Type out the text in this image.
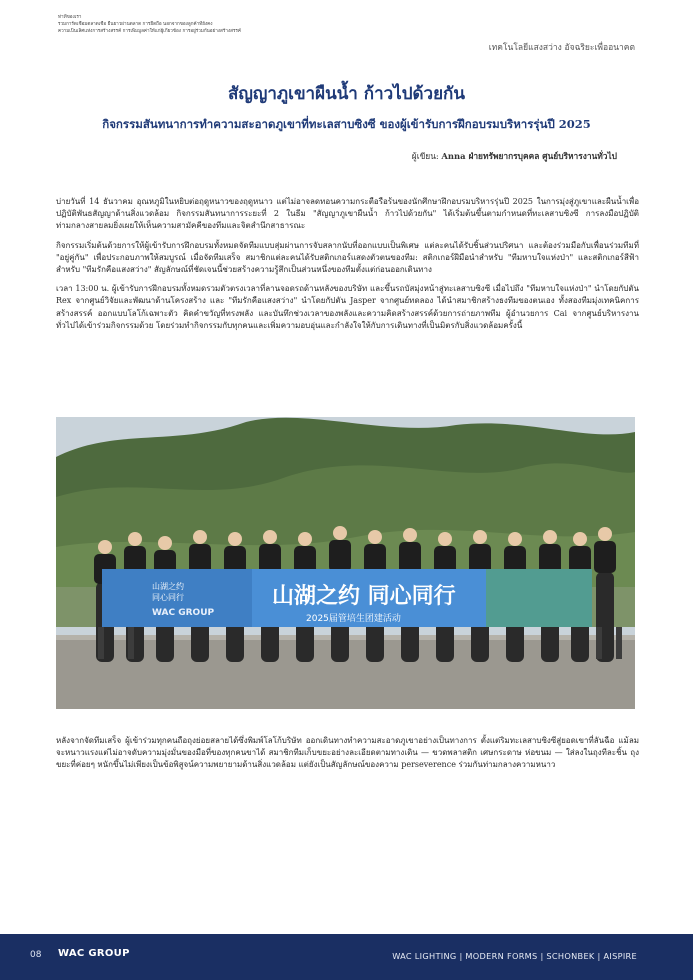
ท่าทีของเรา
รวมการ์ดเชื่อมตลาดเชื่อ ยืนยาวผ่านตลาด การยึดถือ นอกจากของลูกค้าที่ยังคง
ความเป็นเลิศแห่งการสร้างสรรค์ การเพิ่มมูลค่าให้แก่ผู้เกี่ยวข้อง การอยู่ร่วมกันอย่างสร้างสรรค์
เทคโนโลยีแสงสว่าง อัจฉริยะเพื่ออนาคต
สัญญาภูเขาผืนน้ำ ก้าวไปด้วยกัน
กิจกรรมสันทนาการทำความสะอาดภูเขาที่ทะเลสาบซิงซี ของผู้เข้ารับการฝึกอบรมบริหารรุ่นปี 2025
ผู้เขียน: Anna ฝ่ายทรัพยากรบุคคล ศูนย์บริหารงานทั่วไป

บ่ายวันที่ 14 ธันวาคม อุณหภูมิในหยิบต่อฤดูหนาวของฤดูหนาว แต่ไม่อาจลดทอนความกระตือรือร้นของนักศึกษาฝึกอบรมบริหารรุ่นปี 2025 ในการมุ่งสู่ภูเขาและผืนน้ำเพื่อปฏิบัติพันธสัญญาด้านสิ่งแวดล้อม กิจกรรมสันทนาการระยะที่ 2 ในธีม "สัญญาภูเขาผืนน้ำ ก้าวไปด้วยกัน" ได้เริ่มต้นขึ้นตามกำหนดที่ทะเลสาบซิงซี การลงมือปฏิบัติท่ามกลางสายลมยิ่งเผยให้เห็นความสามัคคีของทีมและจิตสำนึกสาธารณะ

กิจกรรมเริ่มต้นด้วยการให้ผู้เข้ารับการฝึกอบรมทั้งหมดจัดทีมแบบสุ่มผ่านการจับสลากนับที่ออกแบบเป็นพิเศษ แต่ละคนได้รับชิ้นส่วนปริศนา และต้องร่วมมือกับเพื่อนร่วมทีมที่ "อยู่คู่กัน" เพื่อประกอบภาพให้สมบูรณ์ เมื่อจัดทีมเสร็จ สมาชิกแต่ละคนได้รับสติกเกอร์แสดงตัวตนของทีม: สติกเกอร์ฝีมือนำสำหรับ "ทีมหาบใจแห่งป่า" และสติกเกอร์สีฟ้าสำหรับ "ทีมรักคือแสงสว่าง" สัญลักษณ์ที่ชัดเจนนี้ช่วยสร้างความรู้สึกเป็นส่วนหนึ่งของทีมตั้งแต่ก่อนออกเดินทาง

เวลา 13:00 น. ผู้เข้ารับการฝึกอบรมทั้งหมดรวมตัวตรงเวลาที่ลานจอดรถด้านหลังของบริษัท และขึ้นรถบัสมุ่งหน้าสู่ทะเลสาบซิงซี เมื่อไปถึง "ทีมหาบใจแห่งป่า" นำโดยกัปตัน Rex จากศูนย์วิจัยและพัฒนาด้านโครงสร้าง และ "ทีมรักคือแสงสว่าง" นำโดยกัปตัน Jasper จากศูนย์ทดลอง ได้นำสมาชิกสร้างธงทีมของตนเอง ทั้งสองทีมมุ่งเทคนิคการสร้างสรรค์ ออกแบบโลโก้เฉพาะตัว คิดคำขวัญที่ทรงพลัง และบันทึกช่วงเวลาของพลังและความคิดสร้างสรรค์ด้วยการถ่ายภาพทีม ผู้อำนวยการ Cai จากศูนย์บริหารงานทั่วไปได้เข้าร่วมกิจกรรมด้วย โดยร่วมทำกิจกรรมกับทุกคนและเพิ่มความอบอุ่นและกำลังใจให้กับการเดินทางที่เป็นมิตรกับสิ่งแวดล้อมครั้งนี้

山湖之约
同心同行
WAC GROUP
山湖之约 同心同行
2025届管培生团建活动
หลังจากจัดทีมเสร็จ ผู้เข้าร่วมทุกคนถือถุงย่อยสลายได้ซึ่งพิมพ์โลโก้บริษัท ออกเดินทางทำความสะอาดภูเขาอย่างเป็นทางการ ตั้งแต่ริมทะเลสาบซิงซีสู่ยอดเขาที่ลันฉือ แม้ลมจะหนาวแรงแต่ไม่อาจดับความมุ่งมั่นของมือที่ของทุกคนขาได้ สมาชิกทีมเก็บขยะอย่างละเอียดตามทางเดิน — ขวดพลาสติก เศษกระดาษ ห่อขนม — ใส่ลงในถุงทีละชิ้น ถุงขยะที่ค่อยๆ หนักขึ้นไม่เพียงเป็นข้อพิสูจน์ความพยายามด้านสิ่งแวดล้อม แต่ยังเป็นสัญลักษณ์ของความ perseverence ร่วมกันท่ามกลางความหนาว
08 WAC GROUP	WAC LIGHTING | MODERN FORMS | SCHONBEK | AISPIRE
